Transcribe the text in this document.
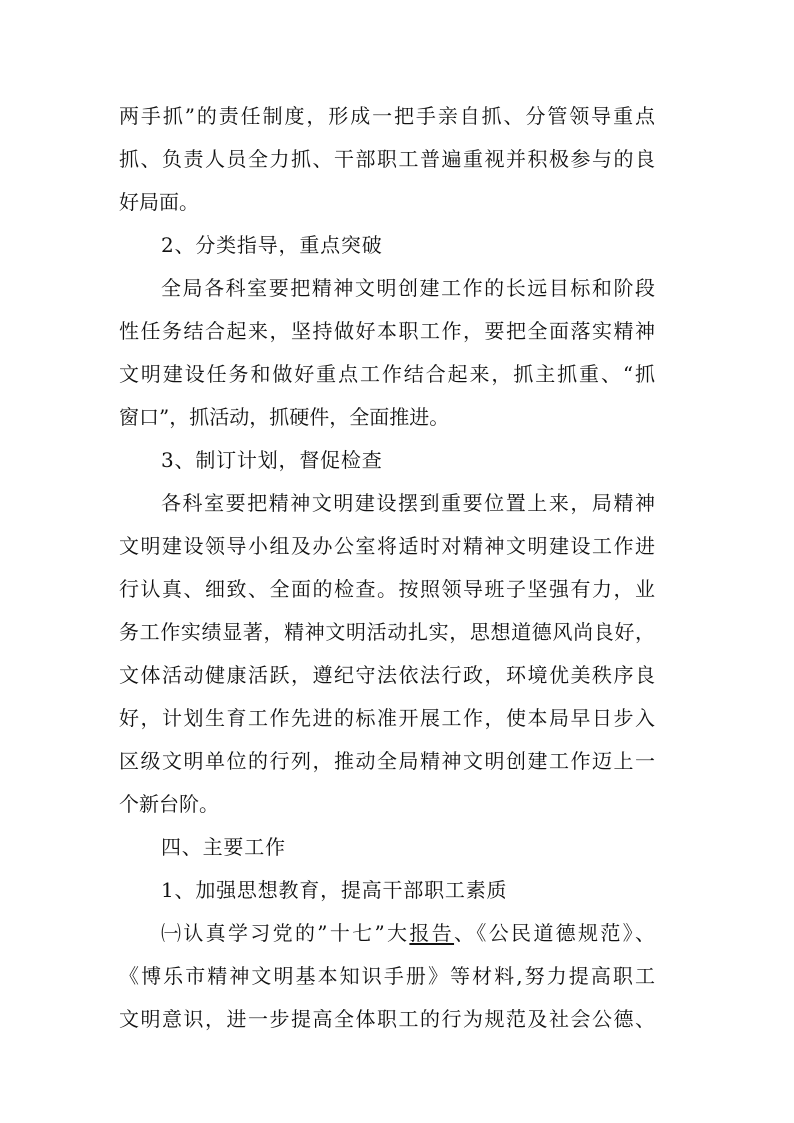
两手抓”的责任制度，形成一把手亲自抓、分管领导重点
抓、负责人员全力抓、干部职工普遍重视并积极参与的良
好局面。
2、分类指导，重点突破
全局各科室要把精神文明创建工作的长远目标和阶段
性任务结合起来，坚持做好本职工作，要把全面落实精神
文明建设任务和做好重点工作结合起来，抓主抓重、“抓
窗口”，抓活动，抓硬件，全面推进。
3、制订计划，督促检查
各科室要把精神文明建设摆到重要位置上来，局精神
文明建设领导小组及办公室将适时对精神文明建设工作进
行认真、细致、全面的检查。按照领导班子坚强有力，业
务工作实绩显著，精神文明活动扎实，思想道德风尚良好，
文体活动健康活跃，遵纪守法依法行政，环境优美秩序良
好，计划生育工作先进的标准开展工作，使本局早日步入
区级文明单位的行列，推动全局精神文明创建工作迈上一
个新台阶。
四、主要工作
1、加强思想教育，提高干部职工素质
㈠认真学习党的”十七”大报告、《公民道德规范》、
《博乐市精神文明基本知识手册》等材料,努力提高职工
文明意识，进一步提高全体职工的行为规范及社会公德、
